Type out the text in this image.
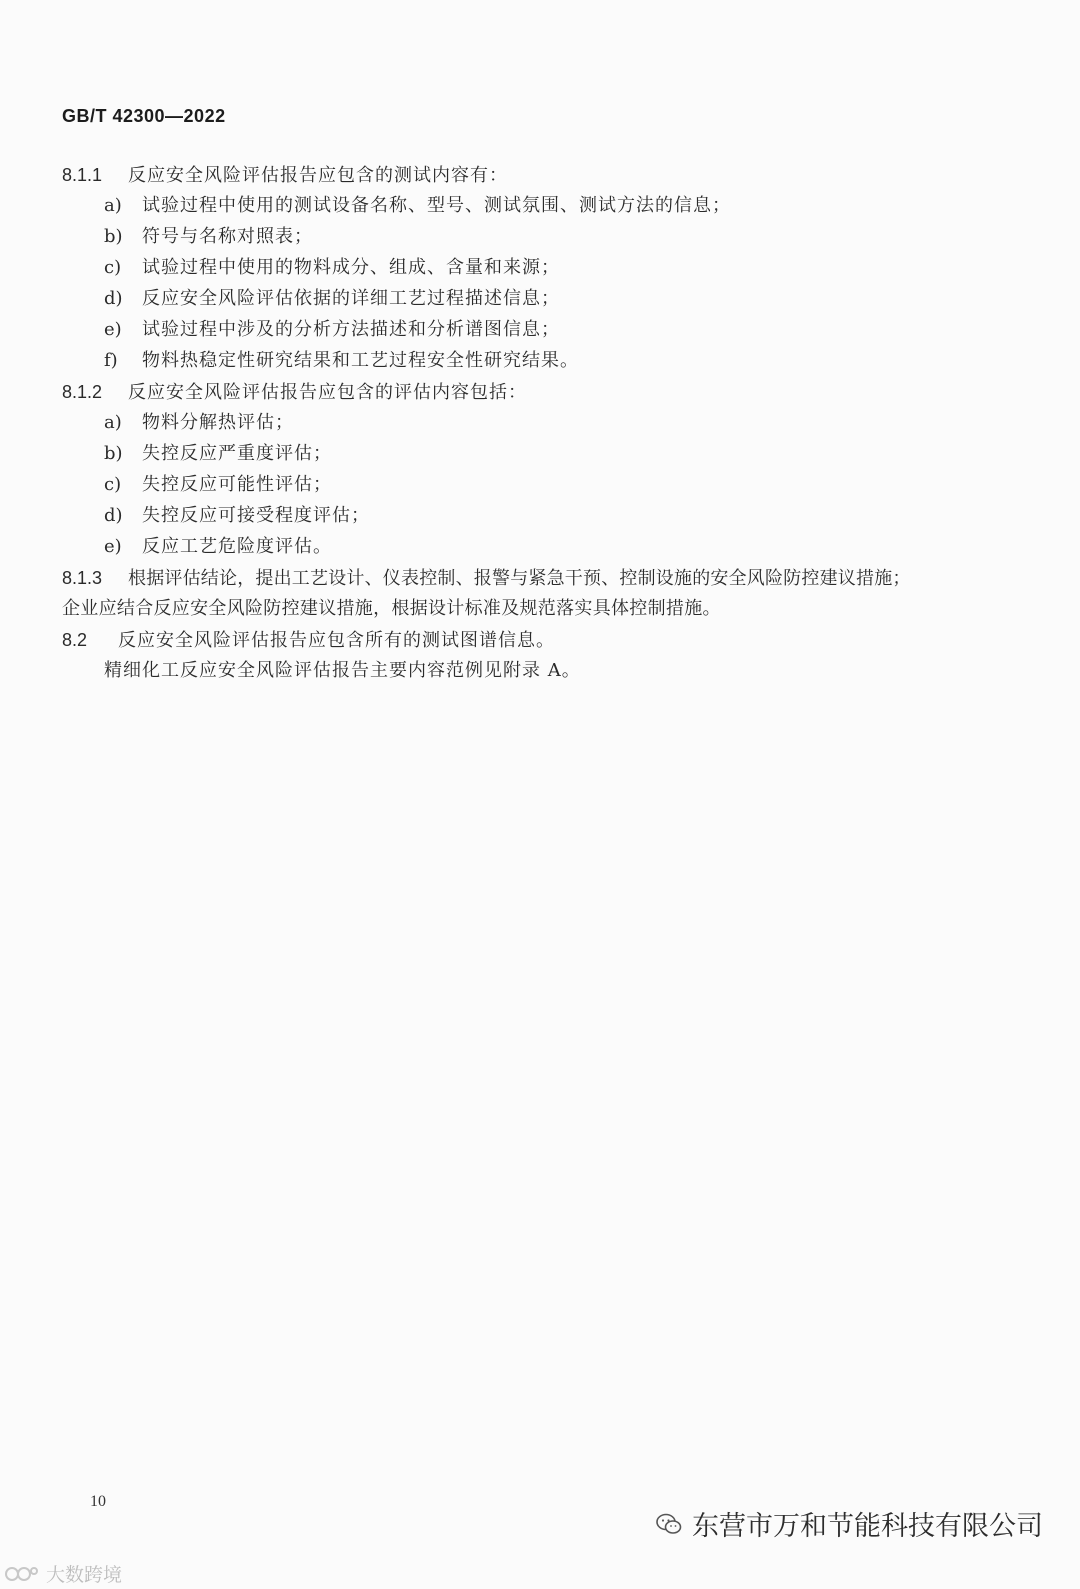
GB/T 42300—2022
8.1.1 反应安全风险评估报告应包含的测试内容有：
a) 试验过程中使用的测试设备名称、型号、测试氛围、测试方法的信息；
b) 符号与名称对照表；
c) 试验过程中使用的物料成分、组成、含量和来源；
d) 反应安全风险评估依据的详细工艺过程描述信息；
e) 试验过程中涉及的分析方法描述和分析谱图信息；
f) 物料热稳定性研究结果和工艺过程安全性研究结果。
8.1.2 反应安全风险评估报告应包含的评估内容包括：
a) 物料分解热评估；
b) 失控反应严重度评估；
c) 失控反应可能性评估；
d) 失控反应可接受程度评估；
e) 反应工艺危险度评估。
8.1.3 根据评估结论，提出工艺设计、仪表控制、报警与紧急干预、控制设施的安全风险防控建议措施；
企业应结合反应安全风险防控建议措施，根据设计标准及规范落实具体控制措施。
8.2 反应安全风险评估报告应包含所有的测试图谱信息。
精细化工反应安全风险评估报告主要内容范例见附录 A。
10
东营市万和节能科技有限公司
大数跨境
